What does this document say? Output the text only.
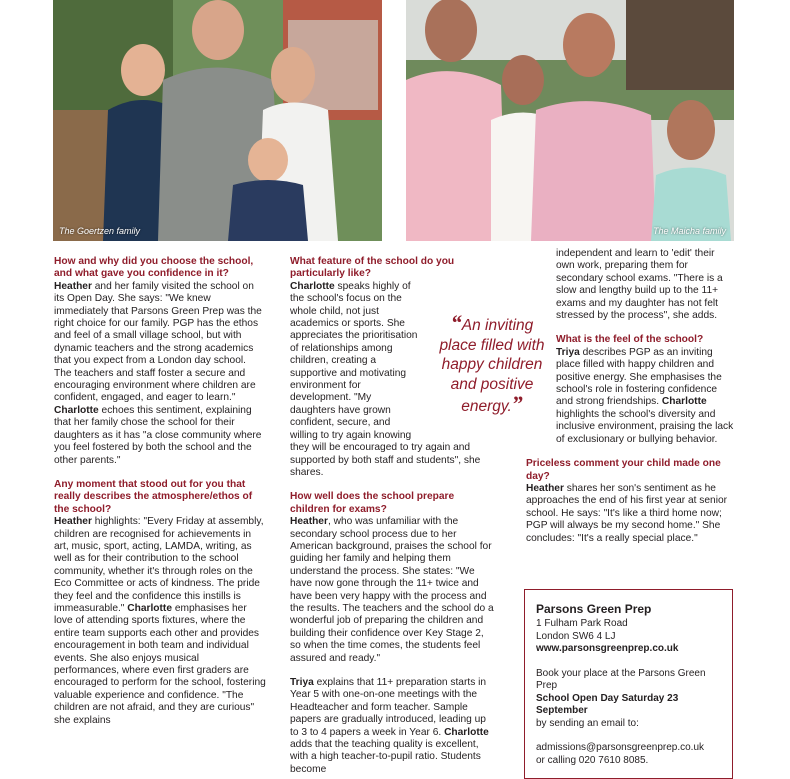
The Goertzen family	The Maicha family

How and why did you choose the school, and what gave you confidence in it?

Heather and her family visited the school on its Open Day. She says: "We knew immediately that Parsons Green Prep was the right choice for our family. PGP has the ethos and feel of a small village school, but with dynamic teachers and the strong academics that you expect from a London day school. The teachers and staff foster a secure and encouraging environment where children are confident, engaged, and eager to learn." Charlotte echoes this sentiment, explaining that her family chose the school for their daughters as it has "a close community where you feel fostered by both the school and the other parents."

Any moment that stood out for you that really describes the atmosphere/ethos of the school?

Heather highlights: "Every Friday at assembly, children are recognised for achievements in art, music, sport, acting, LAMDA, writing, as well as for their contribution to the school community, whether it's through roles on the Eco Committee or acts of kindness. The pride they feel and the confidence this instills is immeasurable." Charlotte emphasises her love of attending sports fixtures, where the entire team supports each other and provides encouragement in both team and individual events. She also enjoys musical performances, where even first graders are encouraged to perform for the school, fostering valuable experience and confidence. "The children are not afraid, and they are curious" she explains

What feature of the school do you particularly like?

Charlotte speaks highly of the school's focus on the whole child, not just academics or sports. She appreciates the prioritisation of relationships among children, creating a supportive and motivating environment for development. "My daughters have grown confident, secure, and willing to try again knowing

they will be encouraged to try again and supported by both staff and students", she shares.

How well does the school prepare children for exams?

Heather, who was unfamiliar with the secondary school process due to her American background, praises the school for guiding her family and helping them understand the process. She states: "We have now gone through the 11+ twice and have been very happy with the process and the results. The teachers and the school do a wonderful job of preparing the children and building their confidence over Key Stage 2, so when the time comes, the students feel assured and ready."

Triya explains that 11+ preparation starts in Year 5 with one-on-one meetings with the Headteacher and form teacher. Sample papers are gradually introduced, leading up to 3 to 4 papers a week in Year 6. Charlotte adds that the teaching quality is excellent, with a high teacher-to-pupil ratio. Students become

“An inviting place filled with happy children and positive energy.”

independent and learn to 'edit' their own work, preparing them for secondary school exams. "There is a slow and lengthy build up to the 11+ exams and my daughter has not felt stressed by the process", she adds.

What is the feel of the school?

Triya describes PGP as an inviting place filled with happy children and positive energy. She emphasises the school's role in fostering confidence and strong friendships. Charlotte highlights the school's diversity and inclusive environment, praising the lack of exclusionary or bullying behavior.

Priceless comment your child made one day?

Heather shares her son's sentiment as he approaches the end of his first year at senior school. He says: "It's like a third home now; PGP will always be my second home." She concludes: "It's a really special place."

Parsons Green Prep

1 Fulham Park Road

London SW6 4 LJ

www.parsonsgreenprep.co.uk

Book your place at the Parsons Green Prep

School Open Day Saturday 23 September

by sending an email to:

admissions@parsonsgreenprep.co.uk

or calling 020 7610 8085.
